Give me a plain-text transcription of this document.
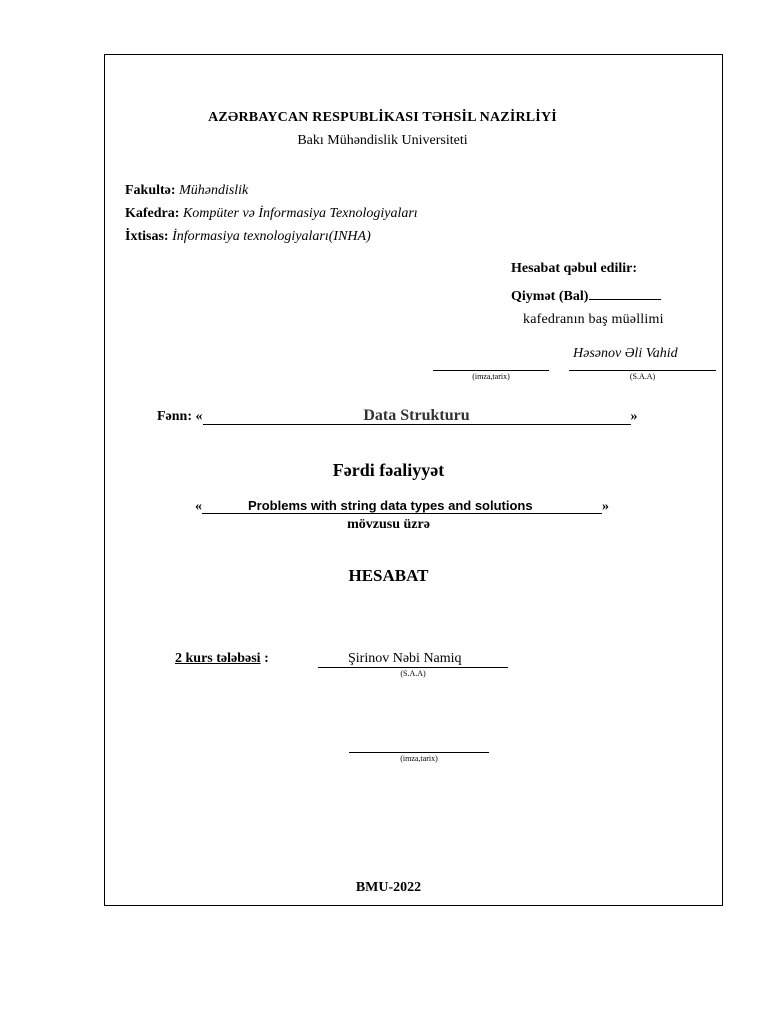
AZƏRBAYCAN RESPUBLİKASI TƏHSİL NAZİRLİYİ
Bakı Mühəndislik Universiteti
Fakultə: Mühəndislik
Kafedra: Kompüter və İnformasiya Texnologiyaları
İxtisas: İnformasiya texnologiyaları(INHA)
Hesabat qəbul edilir:
Qiymət (Bal)
kafedranın baş müəllimi
Həsənov Əli Vahid
(imza,tarix)	(S.A.A)
Fənn: «	Data Strukturu	»
Fərdi fəaliyyət
«	Problems with string data types and solutions	»
mövzusu üzrə
HESABAT
2 kurs tələbəsi :	Şirinov Nəbi Namiq
(S.A.A)
(imza,tarix)
BMU-2022
